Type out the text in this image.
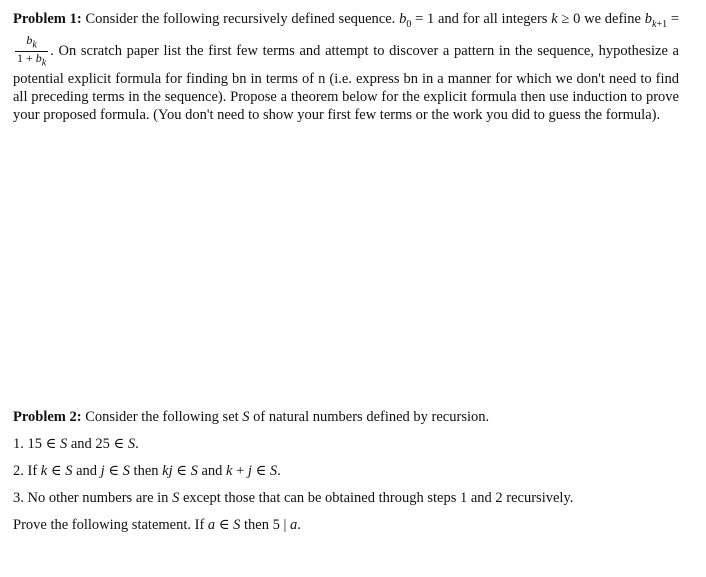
Problem 1: Consider the following recursively defined sequence. $b_0 = 1$ and for all integers k ≥ 0 we define $b_{k+1}$ =
$\frac{b_k}{1 + b_k}$ . On scratch paper list the first few terms and attempt to discover a pattern in the sequence, hypothesize a potential explicit formula for finding bn in terms of n (i.e. express bn in a manner for which we don't need to find all preceding terms in the sequence). Propose a theorem below for the explicit formula then use induction to prove your proposed formula. (You don't need to show your first few terms or the work you did to guess the formula).
Problem 2: Consider the following set S of natural numbers defined by recursion.
1. 15 ∈ S and 25 ∈ S.
2. If k ∈ S and j ∈ S then kj ∈ S and k + j ∈ S.
3. No other numbers are in S except those that can be obtained through steps 1 and 2 recursively.
Prove the following statement. If a ∈ S then 5 | a.
